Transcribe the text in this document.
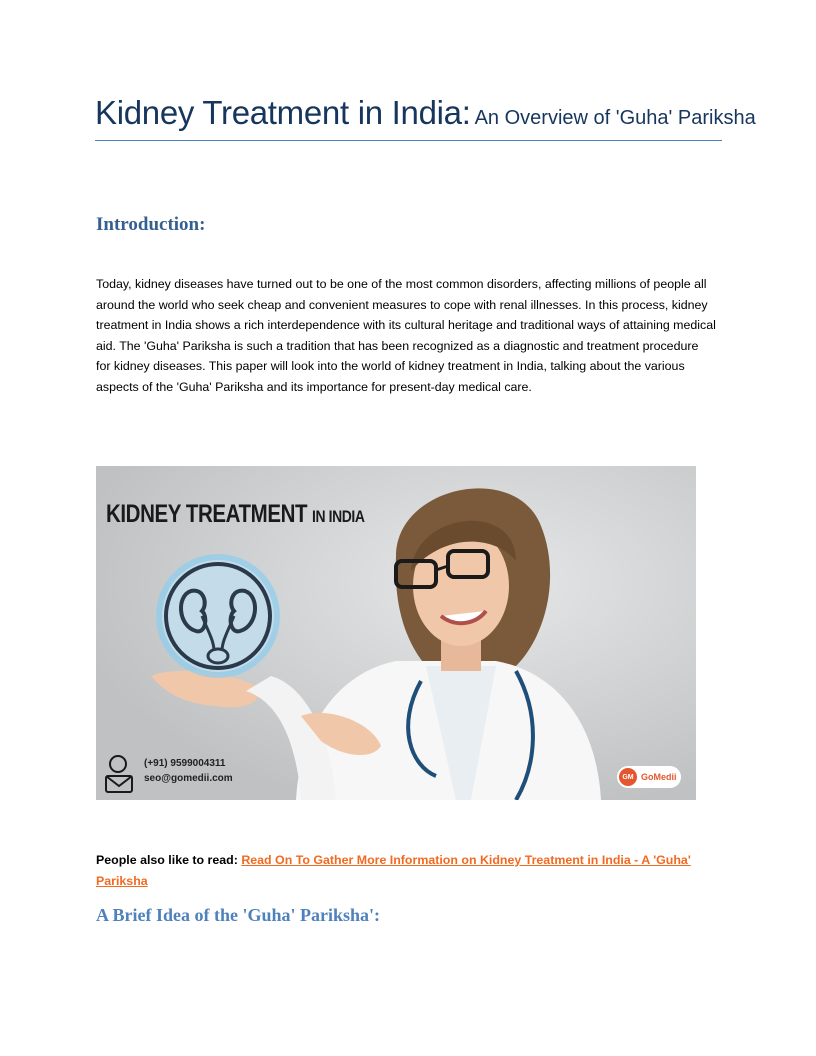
Kidney Treatment in India: An Overview of 'Guha' Pariksha
Introduction:
Today, kidney diseases have turned out to be one of the most common disorders, affecting millions of people all around the world who seek cheap and convenient measures to cope with renal illnesses. In this process, kidney treatment in India shows a rich interdependence with its cultural heritage and traditional ways of attaining medical aid. The 'Guha' Pariksha is such a tradition that has been recognized as a diagnostic and treatment procedure for kidney diseases. This paper will look into the world of kidney treatment in India, talking about the various aspects of the 'Guha' Pariksha and its importance for present-day medical care.
KIDNEY TREATMENT IN INDIA
(+91) 9599004311
seo@gomedii.com	GM GoMedii
People also like to read: Read On To Gather More Information on Kidney Treatment in India - A 'Guha' Pariksha
A Brief Idea of the 'Guha' Pariksha':
